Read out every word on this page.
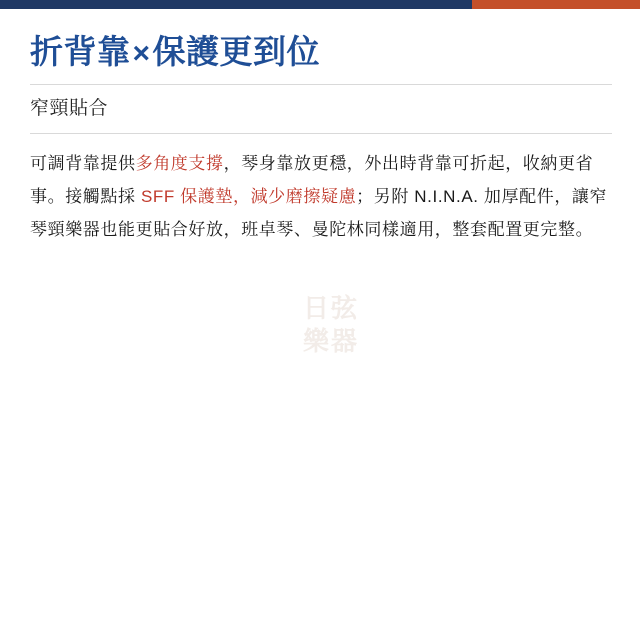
折背靠×保護更到位
窄頸貼合

可調背靠提供多角度支撐，琴身靠放更穩，外出時背靠可折起，收納更省事。接觸點採 SFF 保護墊，減少磨擦疑慮；另附 N.I.N.A. 加厚配件，讓窄琴頸樂器也能更貼合好放，班卓琴、曼陀林同樣適用，整套配置更完整。

日弦
樂器
